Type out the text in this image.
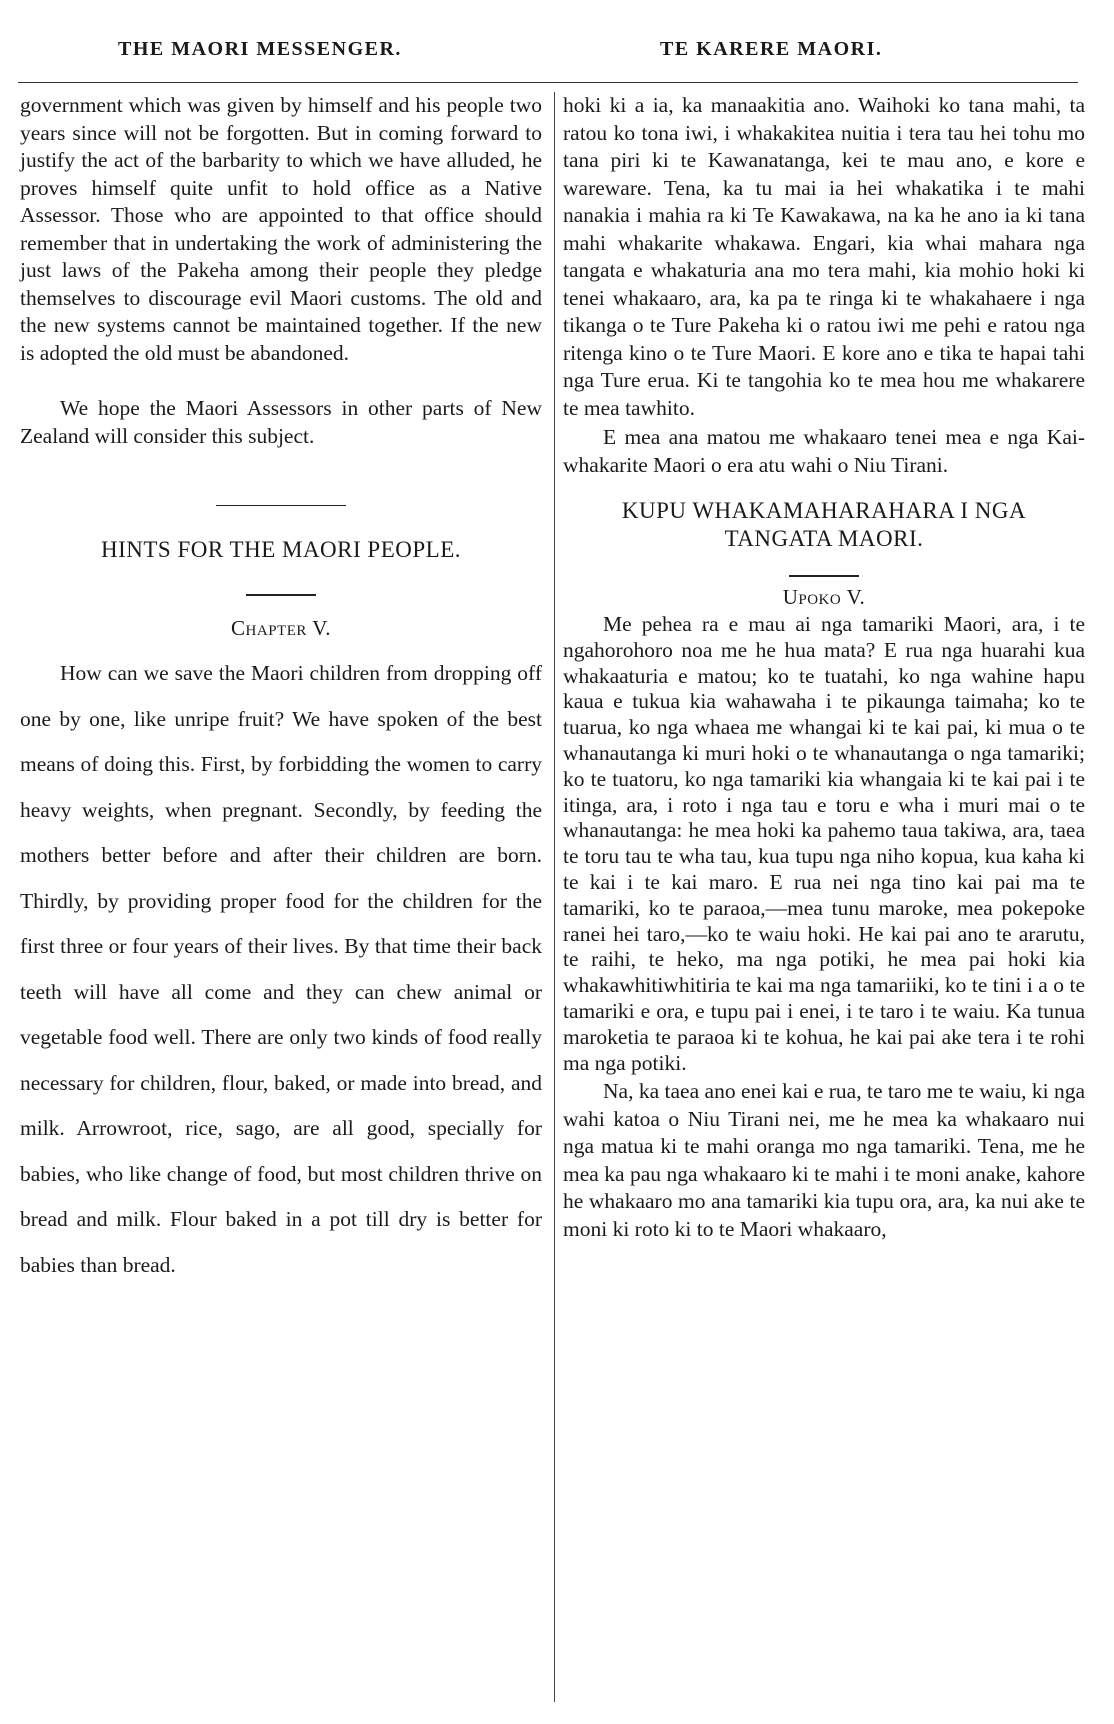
THE MAORI MESSENGER.	TE KARERE MAORI.

government which was given by himself and his people two years since will not be forgotten. But in coming forward to justify the act of the barbarity to which we have alluded, he proves himself quite unfit to hold office as a Native Assessor. Those who are appointed to that office should remember that in undertaking the work of administering the just laws of the Pakeha among their people they pledge themselves to discourage evil Maori customs. The old and the new systems cannot be maintained together. If the new is adopted the old must be abandoned.

We hope the Maori Assessors in other parts of New Zealand will consider this subject.

HINTS FOR THE MAORI PEOPLE.
Chapter V.

How can we save the Maori children from dropping off one by one, like unripe fruit? We have spoken of the best means of doing this. First, by forbidding the women to carry heavy weights, when pregnant. Secondly, by feeding the mothers better before and after their children are born. Thirdly, by providing proper food for the children for the first three or four years of their lives. By that time their back teeth will have all come and they can chew animal or vegetable food well. There are only two kinds of food really necessary for children, flour, baked, or made into bread, and milk. Arrowroot, rice, sago, are all good, specially for babies, who like change of food, but most children thrive on bread and milk. Flour baked in a pot till dry is better for babies than bread.

hoki ki a ia, ka manaakitia ano. Waihoki ko tana mahi, ta ratou ko tona iwi, i whakakitea nuitia i tera tau hei tohu mo tana piri ki te Kawanatanga, kei te mau ano, e kore e wareware. Tena, ka tu mai ia hei whakatika i te mahi nanakia i mahia ra ki Te Kawakawa, na ka he ano ia ki tana mahi whakarite whakawa. Engari, kia whai mahara nga tangata e whakaturia ana mo tera mahi, kia mohio hoki ki tenei whakaaro, ara, ka pa te ringa ki te whakahaere i nga tikanga o te Ture Pakeha ki o ratou iwi me pehi e ratou nga ritenga kino o te Ture Maori. E kore ano e tika te hapai tahi nga Ture erua. Ki te tangohia ko te mea hou me whakarere te mea tawhito.

E mea ana matou me whakaaro tenei mea e nga Kai-whakarite Maori o era atu wahi o Niu Tirani.

KUPU WHAKAMAHARAHARA I NGA
TANGATA MAORI.
Upoko V.

Me pehea ra e mau ai nga tamariki Maori, ara, i te ngahorohoro noa me he hua mata? E rua nga huarahi kua whakaaturia e matou; ko te tuatahi, ko nga wahine hapu kaua e tukua kia wahawaha i te pikaunga taimaha; ko te tuarua, ko nga whaea me whangai ki te kai pai, ki mua o te whanautanga ki muri hoki o te whanautanga o nga tamariki; ko te tuatoru, ko nga tamariki kia whangaia ki te kai pai i te itinga, ara, i roto i nga tau e toru e wha i muri mai o te whanautanga: he mea hoki ka pahemo taua takiwa, ara, taea te toru tau te wha tau, kua tupu nga niho kopua, kua kaha ki te kai i te kai maro. E rua nei nga tino kai pai ma te tamariki, ko te paraoa,—mea tunu maroke, mea pokepoke ranei hei taro,—ko te waiu hoki. He kai pai ano te ararutu, te raihi, te heko, ma nga potiki, he mea pai hoki kia whakawhitiwhitiria te kai ma nga tamariiki, ko te tini i a o te tamariki e ora, e tupu pai i enei, i te taro i te waiu. Ka tunua maroketia te paraoa ki te kohua, he kai pai ake tera i te rohi ma nga potiki.

Na, ka taea ano enei kai e rua, te taro me te waiu, ki nga wahi katoa o Niu Tirani nei, me he mea ka whakaaro nui nga matua ki te mahi oranga mo nga tamariki. Tena, me he mea ka pau nga whakaaro ki te mahi i te moni anake, kahore he whakaaro mo ana tamariki kia tupu ora, ara, ka nui ake te moni ki roto ki to te Maori whakaaro,
